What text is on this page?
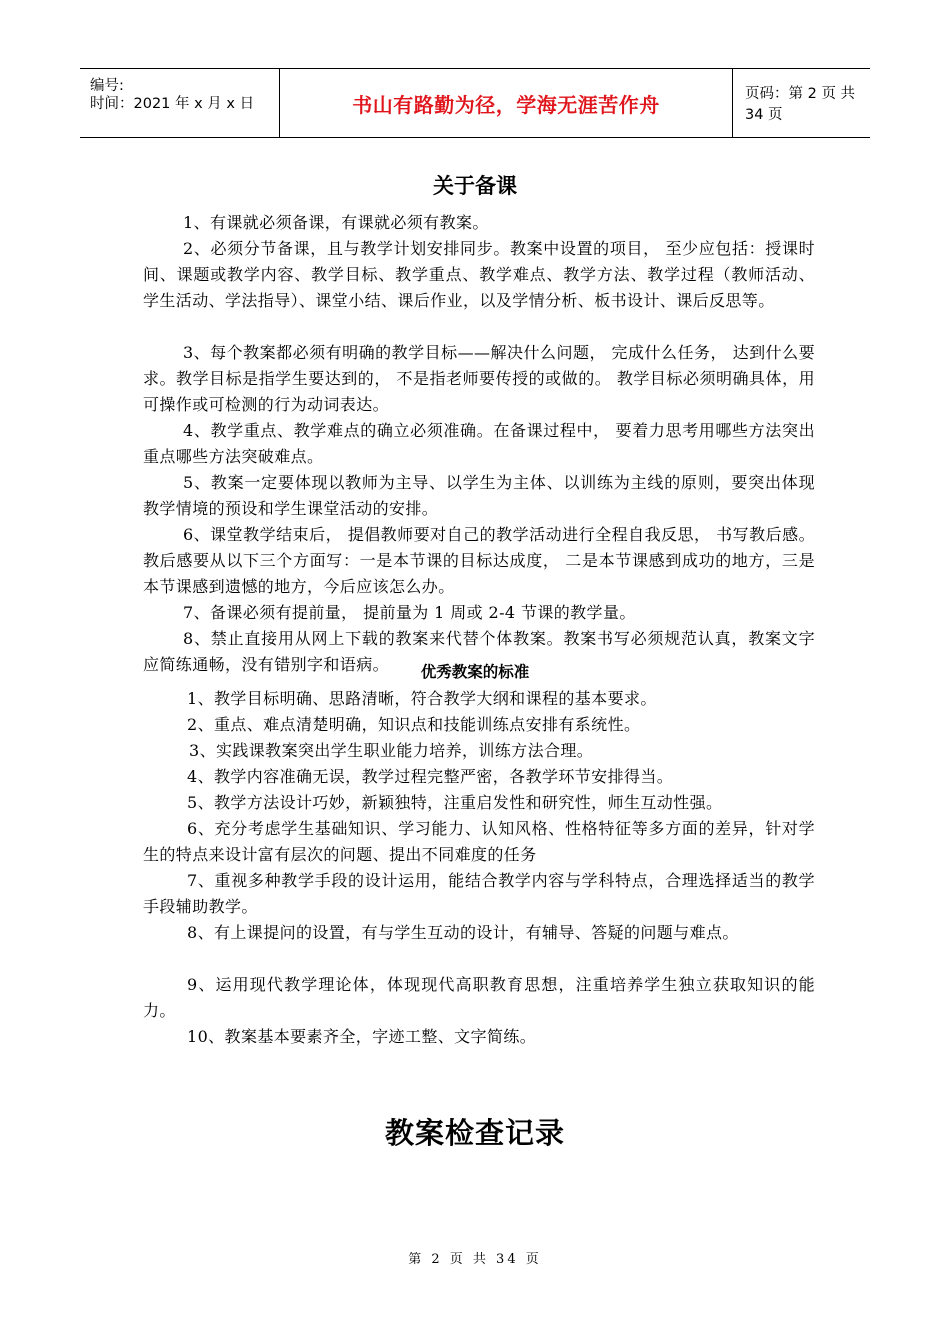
编号:
时间：2021 年 x 月 x 日	书山有路勤为径，学海无涯苦作舟	页码：第 2 页 共 34 页
关于备课
1、有课就必须备课，有课就必须有教案。
2、必须分节备课，且与教学计划安排同步。教案中设置的项目， 至少应包括：授课时间、课题或教学内容、教学目标、教学重点、教学难点、教学方法、教学过程（教师活动、学生活动、学法指导）、课堂小结、课后作业，以及学情分析、板书设计、课后反思等。
3、每个教案都必须有明确的教学目标——解决什么问题， 完成什么任务， 达到什么要求。教学目标是指学生要达到的， 不是指老师要传授的或做的。 教学目标必须明确具体，用可操作或可检测的行为动词表达。
4、教学重点、教学难点的确立必须准确。在备课过程中， 要着力思考用哪些方法突出重点哪些方法突破难点。
5、教案一定要体现以教师为主导、以学生为主体、以训练为主线的原则，要突出体现教学情境的预设和学生课堂活动的安排。
6、课堂教学结束后， 提倡教师要对自己的教学活动进行全程自我反思， 书写教后感。教后感要从以下三个方面写：一是本节课的目标达成度， 二是本节课感到成功的地方，三是本节课感到遗憾的地方，今后应该怎么办。
7、备课必须有提前量， 提前量为 1 周或 2-4 节课的教学量。
8、禁止直接用从网上下载的教案来代替个体教案。教案书写必须规范认真，教案文字应简练通畅，没有错别字和语病。	优秀教案的标准
1、教学目标明确、思路清晰，符合教学大纲和课程的基本要求。
2、重点、难点清楚明确，知识点和技能训练点安排有系统性。
3、实践课教案突出学生职业能力培养，训练方法合理。
4、教学内容准确无误，教学过程完整严密，各教学环节安排得当。
5、教学方法设计巧妙，新颖独特，注重启发性和研究性，师生互动性强。
6、充分考虑学生基础知识、学习能力、认知风格、性格特征等多方面的差异，针对学生的特点来设计富有层次的问题、提出不同难度的任务
7、重视多种教学手段的设计运用，能结合教学内容与学科特点，合理选择适当的教学手段辅助教学。
8、有上课提问的设置，有与学生互动的设计，有辅导、答疑的问题与难点。
9、运用现代教学理论体，体现现代高职教育思想，注重培养学生独立获取知识的能力。
10、教案基本要素齐全，字迹工整、文字简练。
教案检查记录
第 2 页 共 34 页
